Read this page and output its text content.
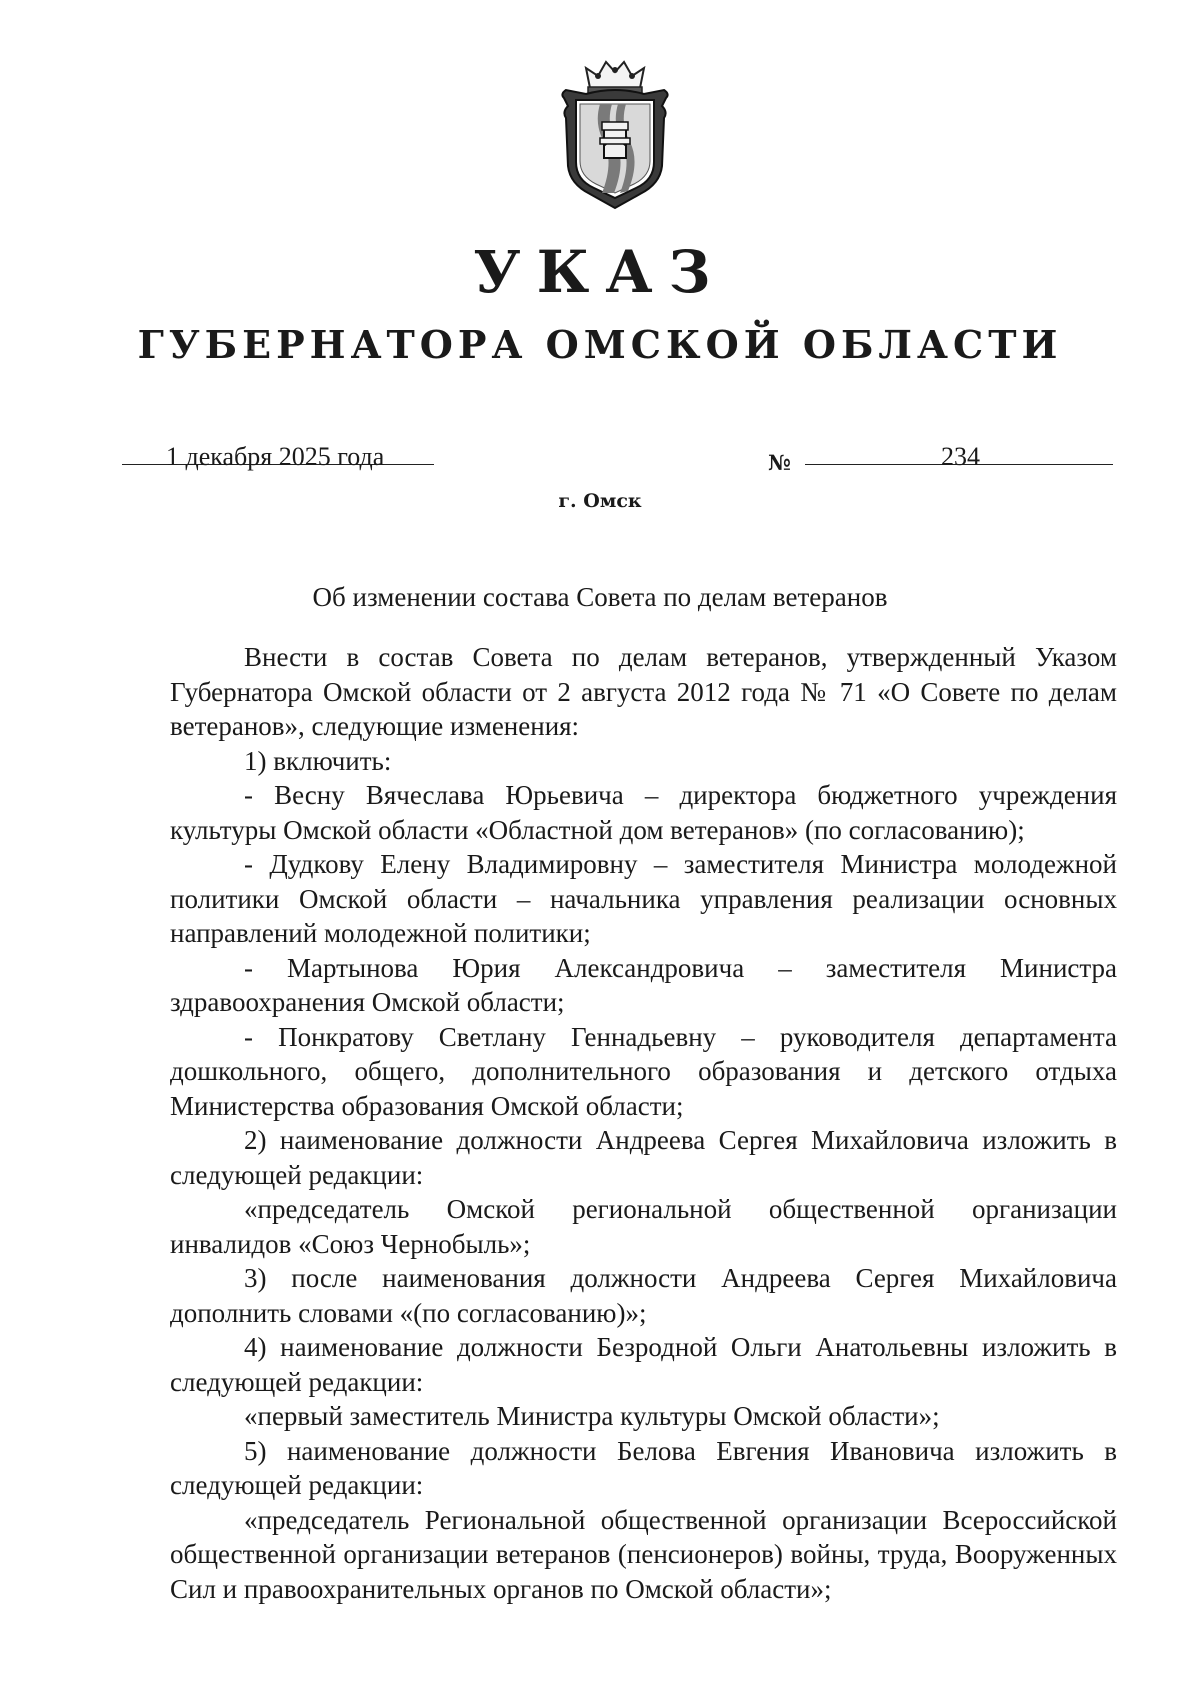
УКАЗ
ГУБЕРНАТОРА ОМСКОЙ ОБЛАСТИ
1 декабря 2025 года	№	234
г. Омск
Об изменении состава Совета по делам ветеранов

Внести в состав Совета по делам ветеранов, утвержденный Указом Губернатора Омской области от 2 августа 2012 года № 71 «О Совете по делам ветеранов», следующие изменения:

1) включить:

- Весну Вячеслава Юрьевича – директора бюджетного учреждения культуры Омской области «Областной дом ветеранов» (по согласованию);

- Дудкову Елену Владимировну – заместителя Министра молодежной политики Омской области – начальника управления реализации основных направлений молодежной политики;

- Мартынова Юрия Александровича – заместителя Министра здравоохранения Омской области;

- Понкратову Светлану Геннадьевну – руководителя департамента дошкольного, общего, дополнительного образования и детского отдыха Министерства образования Омской области;

2) наименование должности Андреева Сергея Михайловича изложить в следующей редакции:

«председатель Омской региональной общественной организации инвалидов «Союз Чернобыль»;

3) после наименования должности Андреева Сергея Михайловича дополнить словами «(по согласованию)»;

4) наименование должности Безродной Ольги Анатольевны изложить в следующей редакции:

«первый заместитель Министра культуры Омской области»;

5) наименование должности Белова Евгения Ивановича изложить в следующей редакции:

«председатель Региональной общественной организации Всероссийской общественной организации ветеранов (пенсионеров) войны, труда, Вооруженных Сил и правоохранительных органов по Омской области»;
